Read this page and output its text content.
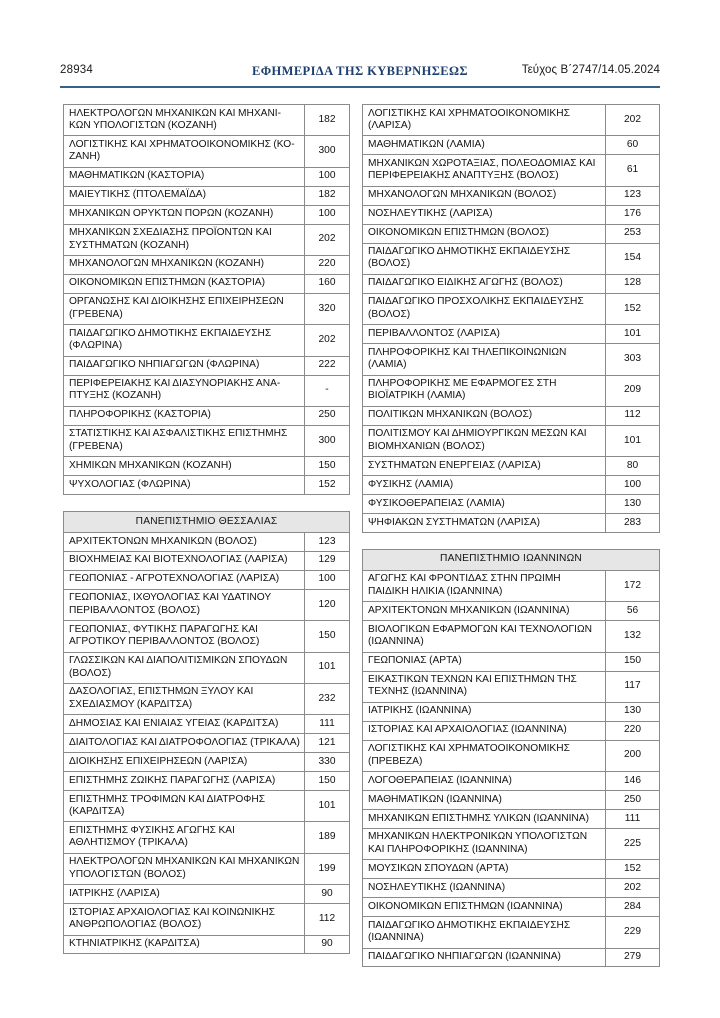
28934	ΕΦΗΜΕΡΙΔΑ ΤΗΣ ΚΥΒΕΡΝΗΣΕΩΣ	Τεύχος Β΄2747/14.05.2024
ΗΛΕΚΤΡΟΛΟΓΩΝ ΜΗΧΑΝΙΚΩΝ ΚΑΙ ΜΗΧΑΝΙ-ΚΩΝ ΥΠΟΛΟΓΙΣΤΩΝ (ΚΟΖΑΝΗ)	182
ΛΟΓΙΣΤΙΚΗΣ ΚΑΙ ΧΡΗΜΑΤΟΟΙΚΟΝΟΜΙΚΗΣ (ΚΟ-ΖΑΝΗ)	300
ΜΑΘΗΜΑΤΙΚΩΝ (ΚΑΣΤΟΡΙΑ)	100
ΜΑΙΕΥΤΙΚΗΣ (ΠΤΟΛΕΜΑΪΔΑ)	182
ΜΗΧΑΝΙΚΩΝ ΟΡΥΚΤΩΝ ΠΟΡΩΝ (ΚΟΖΑΝΗ)	100
ΜΗΧΑΝΙΚΩΝ ΣΧΕΔΙΑΣΗΣ ΠΡΟΪΟΝΤΩΝ ΚΑΙ ΣΥΣΤΗΜΑΤΩΝ (ΚΟΖΑΝΗ)	202
ΜΗΧΑΝΟΛΟΓΩΝ ΜΗΧΑΝΙΚΩΝ (ΚΟΖΑΝΗ)	220
ΟΙΚΟΝΟΜΙΚΩΝ ΕΠΙΣΤΗΜΩΝ (ΚΑΣΤΟΡΙΑ)	160
ΟΡΓΑΝΩΣΗΣ ΚΑΙ ΔΙΟΙΚΗΣΗΣ ΕΠΙΧΕΙΡΗΣΕΩΝ (ΓΡΕΒΕΝΑ)	320
ΠΑΙΔΑΓΩΓΙΚΟ ΔΗΜΟΤΙΚΗΣ ΕΚΠΑΙΔΕΥΣΗΣ (ΦΛΩΡΙΝΑ)	202
ΠΑΙΔΑΓΩΓΙΚΟ ΝΗΠΙΑΓΩΓΩΝ (ΦΛΩΡΙΝΑ)	222
ΠΕΡΙΦΕΡΕΙΑΚΗΣ ΚΑΙ ΔΙΑΣΥΝΟΡΙΑΚΗΣ ΑΝΑ-ΠΤΥΞΗΣ (ΚΟΖΑΝΗ)	-
ΠΛΗΡΟΦΟΡΙΚΗΣ (ΚΑΣΤΟΡΙΑ)	250
ΣΤΑΤΙΣΤΙΚΗΣ ΚΑΙ ΑΣΦΑΛΙΣΤΙΚΗΣ ΕΠΙΣΤΗΜΗΣ (ΓΡΕΒΕΝΑ)	300
ΧΗΜΙΚΩΝ ΜΗΧΑΝΙΚΩΝ (ΚΟΖΑΝΗ)	150
ΨΥΧΟΛΟΓΙΑΣ (ΦΛΩΡΙΝΑ)	152
ΠΑΝΕΠΙΣΤΗΜΙΟ ΘΕΣΣΑΛΙΑΣ	
ΑΡΧΙΤΕΚΤΟΝΩΝ ΜΗΧΑΝΙΚΩΝ (ΒΟΛΟΣ)	123
ΒΙΟΧΗΜΕΙΑΣ ΚΑΙ ΒΙΟΤΕΧΝΟΛΟΓΙΑΣ (ΛΑΡΙΣΑ)	129
ΓΕΩΠΟΝΙΑΣ - ΑΓΡΟΤΕΧΝΟΛΟΓΙΑΣ (ΛΑΡΙΣΑ)	100
ΓΕΩΠΟΝΙΑΣ, ΙΧΘΥΟΛΟΓΙΑΣ ΚΑΙ ΥΔΑΤΙΝΟΥ ΠΕΡΙΒΑΛΛΟΝΤΟΣ (ΒΟΛΟΣ)	120
ΓΕΩΠΟΝΙΑΣ, ΦΥΤΙΚΗΣ ΠΑΡΑΓΩΓΗΣ ΚΑΙ ΑΓΡΟΤΙΚΟΥ ΠΕΡΙΒΑΛΛΟΝΤΟΣ (ΒΟΛΟΣ)	150
ΓΛΩΣΣΙΚΩΝ ΚΑΙ ΔΙΑΠΟΛΙΤΙΣΜΙΚΩΝ ΣΠΟΥΔΩΝ (ΒΟΛΟΣ)	101
ΔΑΣΟΛΟΓΙΑΣ, ΕΠΙΣΤΗΜΩΝ ΞΥΛΟΥ ΚΑΙ ΣΧΕΔΙΑΣΜΟΥ (ΚΑΡΔΙΤΣΑ)	232
ΔΗΜΟΣΙΑΣ ΚΑΙ ΕΝΙΑΙΑΣ ΥΓΕΙΑΣ (ΚΑΡΔΙΤΣΑ)	111
ΔΙΑΙΤΟΛΟΓΙΑΣ ΚΑΙ ΔΙΑΤΡΟΦΟΛΟΓΙΑΣ (ΤΡΙΚΑΛΑ)	121
ΔΙΟΙΚΗΣΗΣ ΕΠΙΧΕΙΡΗΣΕΩΝ (ΛΑΡΙΣΑ)	330
ΕΠΙΣΤΗΜΗΣ ΖΩΙΚΗΣ ΠΑΡΑΓΩΓΗΣ (ΛΑΡΙΣΑ)	150
ΕΠΙΣΤΗΜΗΣ ΤΡΟΦΙΜΩΝ ΚΑΙ ΔΙΑΤΡΟΦΗΣ (ΚΑΡΔΙΤΣΑ)	101
ΕΠΙΣΤΗΜΗΣ ΦΥΣΙΚΗΣ ΑΓΩΓΗΣ ΚΑΙ ΑΘΛΗΤΙΣΜΟΥ (ΤΡΙΚΑΛΑ)	189
ΗΛΕΚΤΡΟΛΟΓΩΝ ΜΗΧΑΝΙΚΩΝ ΚΑΙ ΜΗΧΑΝΙΚΩΝ ΥΠΟΛΟΓΙΣΤΩΝ (ΒΟΛΟΣ)	199
ΙΑΤΡΙΚΗΣ (ΛΑΡΙΣΑ)	90
ΙΣΤΟΡΙΑΣ ΑΡΧΑΙΟΛΟΓΙΑΣ ΚΑΙ ΚΟΙΝΩΝΙΚΗΣ ΑΝΘΡΩΠΟΛΟΓΙΑΣ (ΒΟΛΟΣ)	112
ΚΤΗΝΙΑΤΡΙΚΗΣ (ΚΑΡΔΙΤΣΑ)	90
ΛΟΓΙΣΤΙΚΗΣ ΚΑΙ ΧΡΗΜΑΤΟΟΙΚΟΝΟΜΙΚΗΣ (ΛΑΡΙΣΑ)	202
ΜΑΘΗΜΑΤΙΚΩΝ (ΛΑΜΙΑ)	60
ΜΗΧΑΝΙΚΩΝ ΧΩΡΟΤΑΞΙΑΣ, ΠΟΛΕΟΔΟΜΙΑΣ ΚΑΙ ΠΕΡΙΦΕΡΕΙΑΚΗΣ ΑΝΑΠΤΥΞΗΣ (ΒΟΛΟΣ)	61
ΜΗΧΑΝΟΛΟΓΩΝ ΜΗΧΑΝΙΚΩΝ (ΒΟΛΟΣ)	123
ΝΟΣΗΛΕΥΤΙΚΗΣ (ΛΑΡΙΣΑ)	176
ΟΙΚΟΝΟΜΙΚΩΝ ΕΠΙΣΤΗΜΩΝ (ΒΟΛΟΣ)	253
ΠΑΙΔΑΓΩΓΙΚΟ ΔΗΜΟΤΙΚΗΣ ΕΚΠΑΙΔΕΥΣΗΣ (ΒΟΛΟΣ)	154
ΠΑΙΔΑΓΩΓΙΚΟ ΕΙΔΙΚΗΣ ΑΓΩΓΗΣ (ΒΟΛΟΣ)	128
ΠΑΙΔΑΓΩΓΙΚΟ ΠΡΟΣΧΟΛΙΚΗΣ ΕΚΠΑΙΔΕΥΣΗΣ (ΒΟΛΟΣ)	152
ΠΕΡΙΒΑΛΛΟΝΤΟΣ (ΛΑΡΙΣΑ)	101
ΠΛΗΡΟΦΟΡΙΚΗΣ ΚΑΙ ΤΗΛΕΠΙΚΟΙΝΩΝΙΩΝ (ΛΑΜΙΑ)	303
ΠΛΗΡΟΦΟΡΙΚΗΣ ΜΕ ΕΦΑΡΜΟΓΕΣ ΣΤΗ ΒΙΟΪΑΤΡΙΚΗ (ΛΑΜΙΑ)	209
ΠΟΛΙΤΙΚΩΝ ΜΗΧΑΝΙΚΩΝ (ΒΟΛΟΣ)	112
ΠΟΛΙΤΙΣΜΟΥ ΚΑΙ ΔΗΜΙΟΥΡΓΙΚΩΝ ΜΕΣΩΝ ΚΑΙ ΒΙΟΜΗΧΑΝΙΩΝ (ΒΟΛΟΣ)	101
ΣΥΣΤΗΜΑΤΩΝ ΕΝΕΡΓΕΙΑΣ (ΛΑΡΙΣΑ)	80
ΦΥΣΙΚΗΣ (ΛΑΜΙΑ)	100
ΦΥΣΙΚΟΘΕΡΑΠΕΙΑΣ (ΛΑΜΙΑ)	130
ΨΗΦΙΑΚΩΝ ΣΥΣΤΗΜΑΤΩΝ (ΛΑΡΙΣΑ)	283
ΠΑΝΕΠΙΣΤΗΜΙΟ ΙΩΑΝΝΙΝΩΝ	
ΑΓΩΓΗΣ ΚΑΙ ΦΡΟΝΤΙΔΑΣ ΣΤΗΝ ΠΡΩΙΜΗ ΠΑΙΔΙΚΗ ΗΛΙΚΙΑ (ΙΩΑΝΝΙΝΑ)	172
ΑΡΧΙΤΕΚΤΟΝΩΝ ΜΗΧΑΝΙΚΩΝ (ΙΩΑΝΝΙΝΑ)	56
ΒΙΟΛΟΓΙΚΩΝ ΕΦΑΡΜΟΓΩΝ ΚΑΙ ΤΕΧΝΟΛΟΓΙΩΝ (ΙΩΑΝΝΙΝΑ)	132
ΓΕΩΠΟΝΙΑΣ (ΑΡΤΑ)	150
ΕΙΚΑΣΤΙΚΩΝ ΤΕΧΝΩΝ ΚΑΙ ΕΠΙΣΤΗΜΩΝ ΤΗΣ ΤΕΧΝΗΣ (ΙΩΑΝΝΙΝΑ)	117
ΙΑΤΡΙΚΗΣ (ΙΩΑΝΝΙΝΑ)	130
ΙΣΤΟΡΙΑΣ ΚΑΙ ΑΡΧΑΙΟΛΟΓΙΑΣ (ΙΩΑΝΝΙΝΑ)	220
ΛΟΓΙΣΤΙΚΗΣ ΚΑΙ ΧΡΗΜΑΤΟΟΙΚΟΝΟΜΙΚΗΣ (ΠΡΕΒΕΖΑ)	200
ΛΟΓΟΘΕΡΑΠΕΙΑΣ (ΙΩΑΝΝΙΝΑ)	146
ΜΑΘΗΜΑΤΙΚΩΝ (ΙΩΑΝΝΙΝΑ)	250
ΜΗΧΑΝΙΚΩΝ ΕΠΙΣΤΗΜΗΣ ΥΛΙΚΩΝ (ΙΩΑΝΝΙΝΑ)	111
ΜΗΧΑΝΙΚΩΝ ΗΛΕΚΤΡΟΝΙΚΩΝ ΥΠΟΛΟΓΙΣΤΩΝ ΚΑΙ ΠΛΗΡΟΦΟΡΙΚΗΣ (ΙΩΑΝΝΙΝΑ)	225
ΜΟΥΣΙΚΩΝ ΣΠΟΥΔΩΝ (ΑΡΤΑ)	152
ΝΟΣΗΛΕΥΤΙΚΗΣ (ΙΩΑΝΝΙΝΑ)	202
ΟΙΚΟΝΟΜΙΚΩΝ ΕΠΙΣΤΗΜΩΝ (ΙΩΑΝΝΙΝΑ)	284
ΠΑΙΔΑΓΩΓΙΚΟ ΔΗΜΟΤΙΚΗΣ ΕΚΠΑΙΔΕΥΣΗΣ (ΙΩΑΝΝΙΝΑ)	229
ΠΑΙΔΑΓΩΓΙΚΟ ΝΗΠΙΑΓΩΓΩΝ (ΙΩΑΝΝΙΝΑ)	279
